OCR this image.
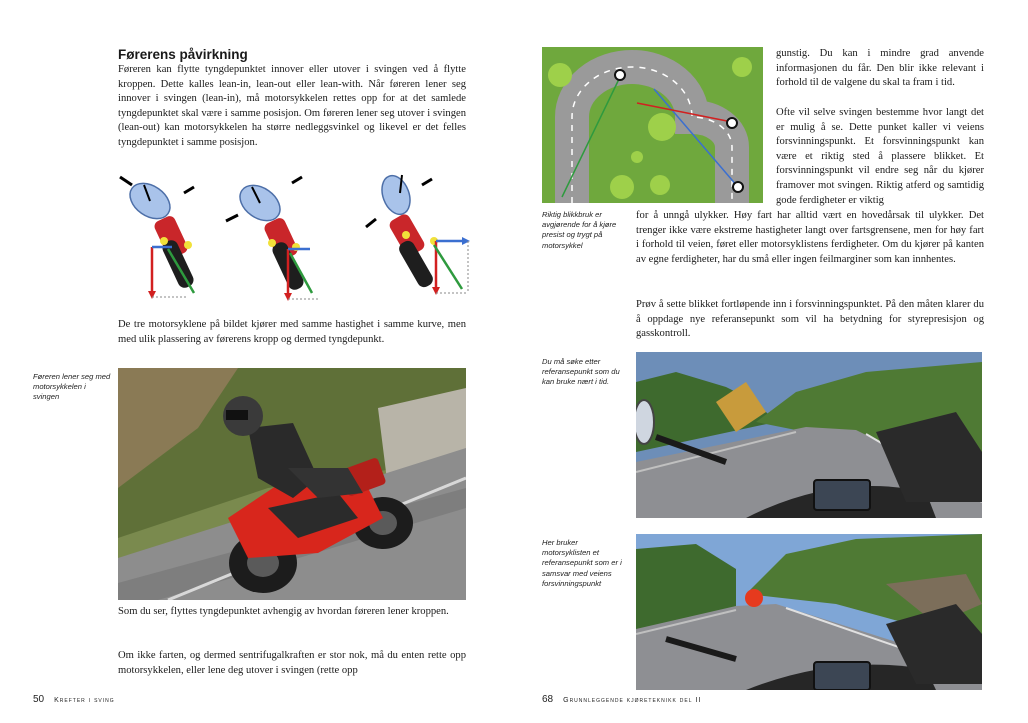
Førerens påvirkning

Føreren kan flytte tyngdepunktet innover eller utover i svingen ved å flytte kroppen. Dette kalles lean-in, lean-out eller lean-with. Når føreren lener seg innover i svingen (lean-in), må motorsykkelen rettes opp for at det samlede tyngdepunktet skal være i samme posisjon. Om føreren lener seg utover i svingen (lean-out) kan motorsykkelen ha større nedleggsvinkel og likevel er det felles tyngdepunktet i samme posisjon.

De tre motorsyklene på bildet kjører med samme hastighet i samme kurve, men med ulik plassering av førerens kropp og dermed tyngdepunkt.

Føreren lener seg med motorsykkelen i svingen

Som du ser, flyttes tyngdepunktet avhengig av hvordan føreren lener kroppen.

Om ikke farten, og dermed sentrifugalkraften er stor nok, må du enten rette opp motorsykkelen, eller lene deg utover i svingen (rette opp

50 Krefter i sving

Riktig blikkbruk er avgjørende for å kjøre presist og trygt på motorsykkel

gunstig. Du kan i mindre grad anvende informasjonen du får. Den blir ikke relevant i forhold til de valgene du skal ta fram i tid.

Ofte vil selve svingen bestemme hvor langt det er mulig å se. Dette punket kaller vi veiens forsvinningspunkt. Et forsvinningspunkt kan være et riktig sted å plassere blikket. Et forsvinningspunkt vil endre seg når du kjører framover mot svingen. Riktig atferd og samtidig gode ferdigheter er viktig

for å unngå ulykker. Høy fart har alltid vært en hovedårsak til ulykker. Det trenger ikke være ekstreme hastigheter langt over fartsgrensene, men for høy fart i forhold til veien, føret eller motorsyklistens ferdigheter. Om du kjører på kanten av egne ferdigheter, har du små eller ingen feilmarginer som kan innhentes.

Prøv å sette blikket fortløpende inn i forsvinningspunktet. På den måten klarer du å oppdage nye referansepunkt som vil ha betydning for styrepresisjon og gasskontroll.

Du må søke etter referansepunkt som du kan bruke nært i tid.

Her bruker motorsyklisten et referansepunkt som er i samsvar med veiens forsvinningspunkt

68 Grunnleggende kjøreteknikk del II
